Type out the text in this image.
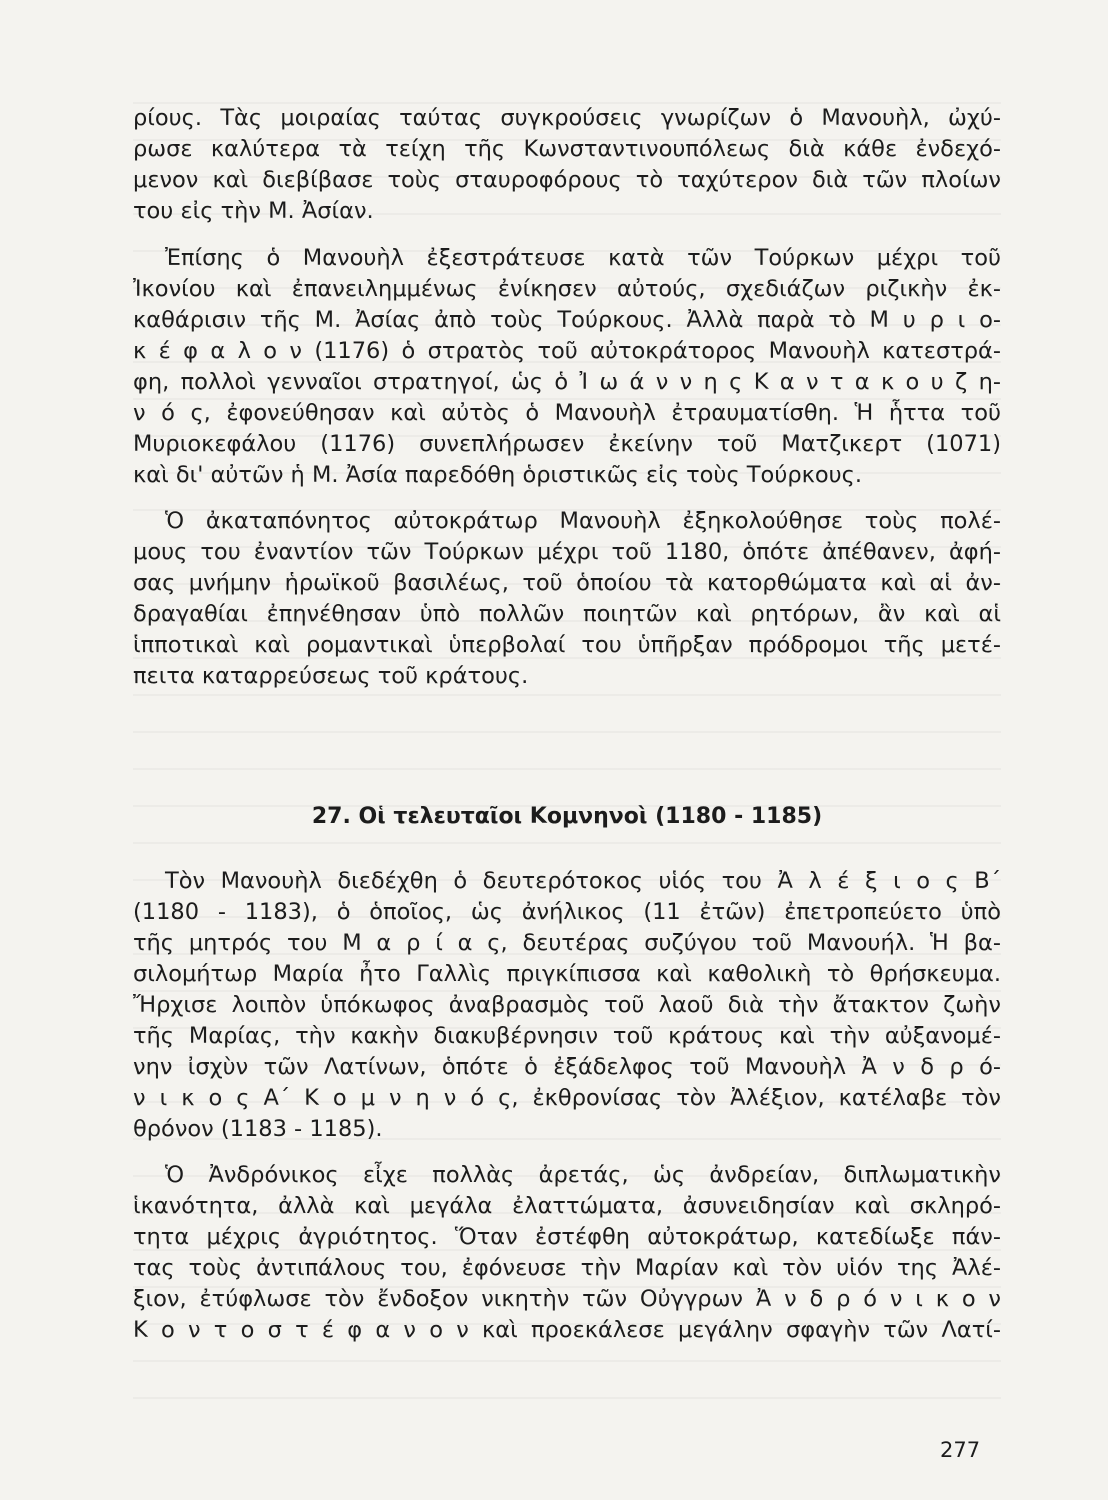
ρίους. Τὰς μοιραίας ταύτας συγκρούσεις γνωρίζων ὁ Μανουὴλ, ὠχύ-
ρωσε καλύτερα τὰ τείχη τῆς Κωνσταντινουπόλεως διὰ κάθε ἐνδεχό-
μενον καὶ διεβίβασε τοὺς σταυροφόρους τὸ ταχύτερον διὰ τῶν πλοίων
του εἰς τὴν Μ. Ἀσίαν.
Ἐπίσης ὁ Μανουὴλ ἐξεστράτευσε κατὰ τῶν Τούρκων μέχρι τοῦ
Ἰκονίου καὶ ἐπανειλημμένως ἐνίκησεν αὐτούς, σχεδιάζων ριζικὴν ἐκ-
καθάρισιν τῆς Μ. Ἀσίας ἀπὸ τοὺς Τούρκους. Ἀλλὰ παρὰ τὸ Μ υ ρ ι ο-
κ έ φ α λ ο ν (1176) ὁ στρατὸς τοῦ αὐτοκράτορος Μανουὴλ κατεστρά-
φη, πολλοὶ γενναῖοι στρατηγοί, ὡς ὁ Ἰ ω ά ν ν η ς Κ α ν τ α κ ο υ ζ η-
ν ό ς, ἐφονεύθησαν καὶ αὐτὸς ὁ Μανουὴλ ἐτραυματίσθη. Ἡ ἧττα τοῦ
Μυριοκεφάλου (1176) συνεπλήρωσεν ἐκείνην τοῦ Ματζικερτ (1071)
καὶ δι' αὐτῶν ἡ Μ. Ἀσία παρεδόθη ὁριστικῶς εἰς τοὺς Τούρκους.
Ὁ ἀκαταπόνητος αὐτοκράτωρ Μανουὴλ ἐξηκολούθησε τοὺς πολέ-
μους του ἐναντίον τῶν Τούρκων μέχρι τοῦ 1180, ὁπότε ἀπέθανεν, ἀφή-
σας μνήμην ἡρωϊκοῦ βασιλέως, τοῦ ὁποίου τὰ κατορθώματα καὶ αἱ ἀν-
δραγαθίαι ἐπηνέθησαν ὑπὸ πολλῶν ποιητῶν καὶ ρητόρων, ἂν καὶ αἱ
ἱπποτικαὶ καὶ ρομαντικαὶ ὑπερβολαί του ὑπῆρξαν πρόδρομοι τῆς μετέ-
πειτα καταρρεύσεως τοῦ κράτους.
27. Οἱ τελευταῖοι Κομνηνοὶ (1180 - 1185)
Τὸν Μανουὴλ διεδέχθη ὁ δευτερότοκος υἱός του Ἀ λ έ ξ ι ο ς Β΄
(1180 - 1183), ὁ ὁποῖος, ὡς ἀνήλικος (11 ἐτῶν) ἐπετροπεύετο ὑπὸ
τῆς μητρός του Μ α ρ ί α ς, δευτέρας συζύγου τοῦ Μανουήλ. Ἡ βα-
σιλομήτωρ Μαρία ἦτο Γαλλὶς πριγκίπισσα καὶ καθολικὴ τὸ θρήσκευμα.
Ἤρχισε λοιπὸν ὑπόκωφος ἀναβρασμὸς τοῦ λαοῦ διὰ τὴν ἄτακτον ζωὴν
τῆς Μαρίας, τὴν κακὴν διακυβέρνησιν τοῦ κράτους καὶ τὴν αὐξανομέ-
νην ἰσχὺν τῶν Λατίνων, ὁπότε ὁ ἐξάδελφος τοῦ Μανουὴλ Ἀ ν δ ρ ό-
ν ι κ ο ς Α΄ Κ ο μ ν η ν ό ς, ἐκθρονίσας τὸν Ἀλέξιον, κατέλαβε τὸν
θρόνον (1183 - 1185).
Ὁ Ἀνδρόνικος εἶχε πολλὰς ἀρετάς, ὡς ἀνδρείαν, διπλωματικὴν
ἱκανότητα, ἀλλὰ καὶ μεγάλα ἐλαττώματα, ἀσυνειδησίαν καὶ σκληρό-
τητα μέχρις ἀγριότητος. Ὅταν ἐστέφθη αὐτοκράτωρ, κατεδίωξε πάν-
τας τοὺς ἀντιπάλους του, ἐφόνευσε τὴν Μαρίαν καὶ τὸν υἱόν της Ἀλέ-
ξιον, ἐτύφλωσε τὸν ἔνδοξον νικητὴν τῶν Οὐγγρων Ἀ ν δ ρ ό ν ι κ ο ν
Κ ο ν τ ο σ τ έ φ α ν ο ν καὶ προεκάλεσε μεγάλην σφαγὴν τῶν Λατί-
277
